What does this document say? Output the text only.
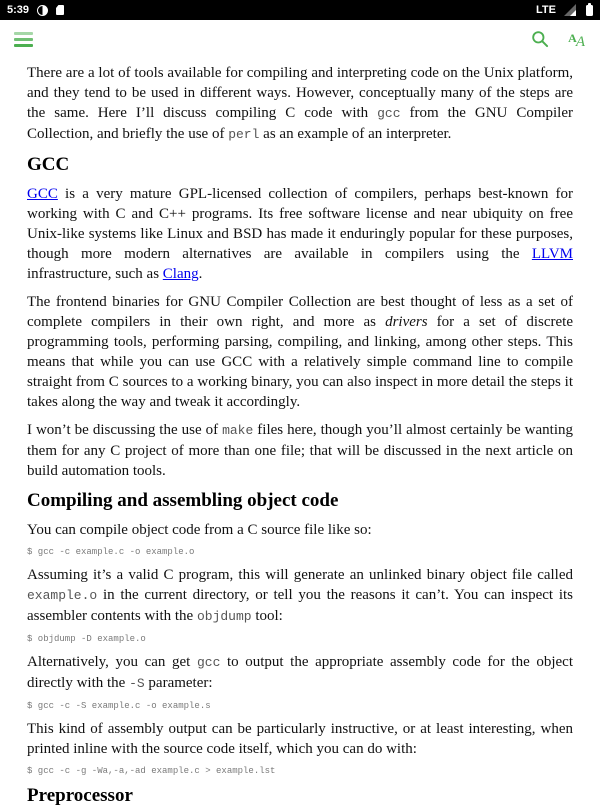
5:39	LTE
A A

There are a lot of tools available for compiling and interpreting code on the Unix platform, and they tend to be used in different ways. However, conceptually many of the steps are the same. Here I’ll discuss compiling C code with gcc from the GNU Compiler Collection, and briefly the use of perl as an example of an interpreter.

GCC

GCC is a very mature GPL-licensed collection of compilers, perhaps best-known for working with C and C++ programs. Its free software license and near ubiquity on free Unix-like systems like Linux and BSD has made it enduringly popular for these purposes, though more modern alternatives are available in compilers using the LLVM infrastructure, such as Clang.

The frontend binaries for GNU Compiler Collection are best thought of less as a set of complete compilers in their own right, and more as drivers for a set of discrete programming tools, performing parsing, compiling, and linking, among other steps. This means that while you can use GCC with a relatively simple command line to compile straight from C sources to a working binary, you can also inspect in more detail the steps it takes along the way and tweak it accordingly.

I won’t be discussing the use of make files here, though you’ll almost certainly be wanting them for any C project of more than one file; that will be discussed in the next article on build automation tools.

Compiling and assembling object code

You can compile object code from a C source file like so:

$ gcc -c example.c -o example.o

Assuming it’s a valid C program, this will generate an unlinked binary object file called example.o in the current directory, or tell you the reasons it can’t. You can inspect its assembler contents with the objdump tool:

$ objdump -D example.o

Alternatively, you can get gcc to output the appropriate assembly code for the object directly with the -S parameter:

$ gcc -c -S example.c -o example.s

This kind of assembly output can be particularly instructive, or at least interesting, when printed inline with the source code itself, which you can do with:

$ gcc -c -g -Wa,-a,-ad example.c > example.lst
Preprocessor
